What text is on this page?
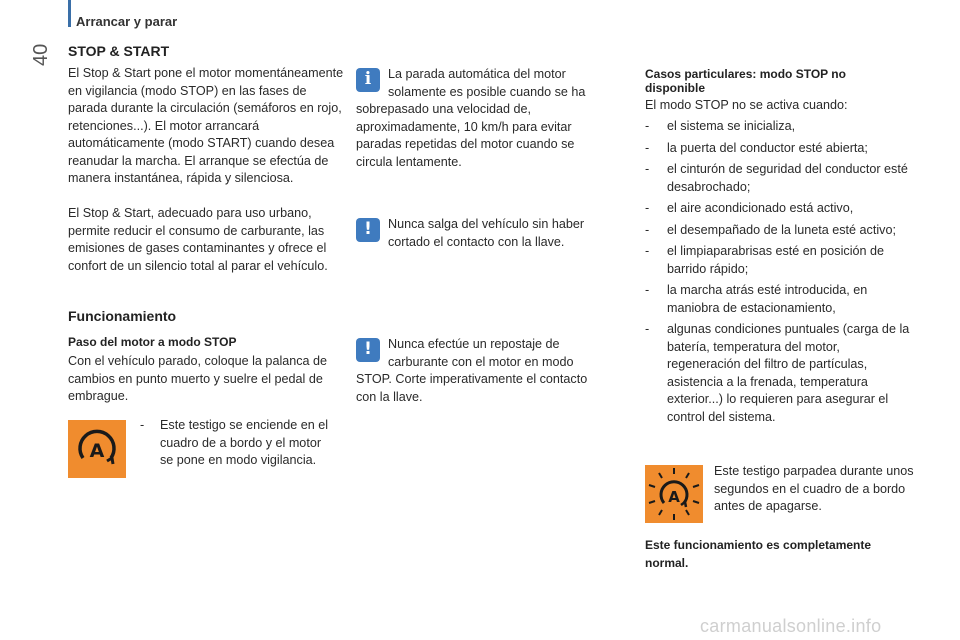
Arrancar y parar
40 STOP & START
El Stop & Start pone el motor momentáneamente en vigilancia (modo STOP) en las fases de parada durante la circulación (semáforos en rojo, retenciones...). El motor arrancará automáticamente (modo START) cuando desea reanudar la marcha. El arranque se efectúa de manera instantánea, rápida y silenciosa.
El Stop & Start, adecuado para uso urbano, permite reducir el consumo de carburante, las emisiones de gases contaminantes y ofrece el confort de un silencio total al parar el vehículo.
Funcionamiento
Paso del motor a modo STOP
Con el vehículo parado, coloque la palanca de cambios en punto muerto y suelre el pedal de embrague.
A
- Este testigo se enciende en el cuadro de a bordo y el motor se pone en modo vigilancia.
i	La parada automática del motor solamente es posible cuando se ha sobrepasado una velocidad de, aproximadamente, 10 km/h para evitar paradas repetidas del motor cuando se circula lentamente.
!	Nunca salga del vehículo sin haber cortado el contacto con la llave.
!	Nunca efectúe un repostaje de carburante con el motor en modo STOP. Corte imperativamente el contacto con la llave.
Casos particulares: modo STOP no disponible
El modo STOP no se activa cuando:
- el sistema se inicializa,
- la puerta del conductor esté abierta;
- el cinturón de seguridad del conductor esté desabrochado;
- el aire acondicionado está activo,
- el desempañado de la luneta esté activo;
- el limpiaparabrisas esté en posición de barrido rápido;
- la marcha atrás esté introducida, en maniobra de estacionamiento,
- algunas condiciones puntuales (carga de la batería, temperatura del motor, regeneración del filtro de partículas, asistencia a la frenada, temperatura exterior...) lo requieren para asegurar el control del sistema.
A
Este testigo parpadea durante unos segundos en el cuadro de a bordo antes de apagarse.
Este funcionamiento es completamente normal.
carmanualsonline.info
